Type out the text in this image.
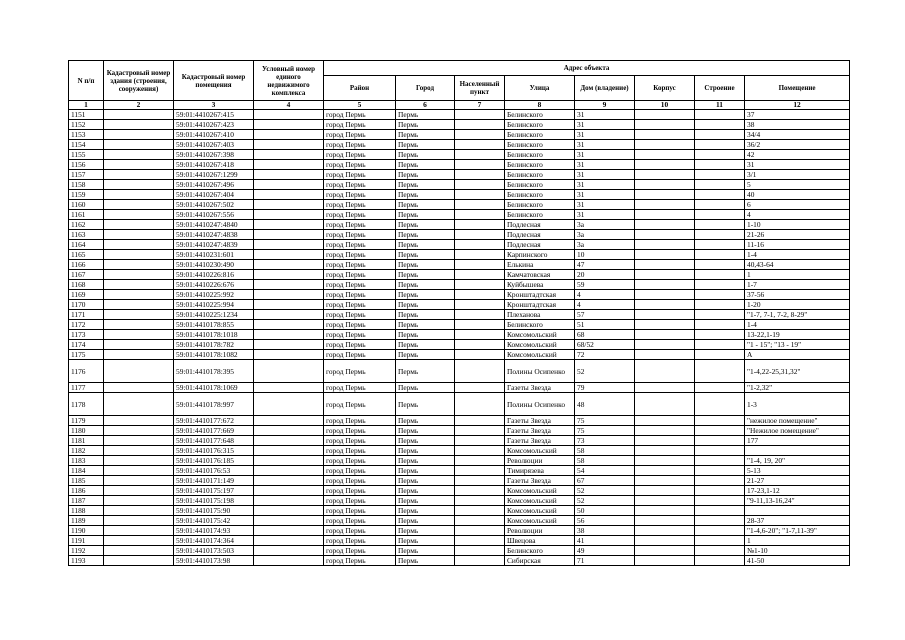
N п/п	Кадастровый номер здания (строения, сооружения)	Кадастровый номер помещения	Условный номер единого недвижимого комплекса	Адрес объекта							
				Район	Город	Населенный пункт	Улица	Дом (владение)	Корпус	Строение	Помещение
1	2	3	4	5	6	7	8	9	10	11	12
1151		59:01:4410267:415		город Пермь	Пермь		Белинского	31			37
1152		59:01:4410267:423		город Пермь	Пермь		Белинского	31			38
1153		59:01:4410267:410		город Пермь	Пермь		Белинского	31			34/4
1154		59:01:4410267:403		город Пермь	Пермь		Белинского	31			36/2
1155		59:01:4410267:398		город Пермь	Пермь		Белинского	31			42
1156		59:01:4410267:418		город Пермь	Пермь		Белинского	31			31
1157		59:01:4410267:1299		город Пермь	Пермь		Белинского	31			3/1
1158		59:01:4410267:496		город Пермь	Пермь		Белинского	31			5
1159		59:01:4410267:404		город Пермь	Пермь		Белинского	31			40
1160		59:01:4410267:502		город Пермь	Пермь		Белинского	31			6
1161		59:01:4410267:556		город Пермь	Пермь		Белинского	31			4
1162		59:01:4410247:4840		город Пермь	Пермь		Подлесная	3а			1-10
1163		59:01:4410247:4838		город Пермь	Пермь		Подлесная	3а			21-26
1164		59:01:4410247:4839		город Пермь	Пермь		Подлесная	3а			11-16
1165		59:01:4410231:601		город Пермь	Пермь		Карпинского	10			1-4
1166		59:01:4410230:490		город Пермь	Пермь		Елькина	47			40,43-64
1167		59:01:4410226:816		город Пермь	Пермь		Камчатовская	20			1
1168		59:01:4410226:676		город Пермь	Пермь		Куйбышева	59			1-7
1169		59:01:4410225:992		город Пермь	Пермь		Кронштадтская	4			37-56
1170		59:01:4410225:994		город Пермь	Пермь		Кронштадтская	4			1-20
1171		59:01:4410225:1234		город Пермь	Пермь		Плеханова	57			"1-7, 7-1, 7-2, 8-29"
1172		59:01:4410178:855		город Пермь	Пермь		Белинского	51			1-4
1173		59:01:4410178:1018		город Пермь	Пермь		Комсомольский	68			13-22,1-19
1174		59:01:4410178:782		город Пермь	Пермь		Комсомольский	68/52			"1 - 15"; "13 - 19"
1175		59:01:4410178:1082		город Пермь	Пермь		Комсомольский	72			А
1176		59:01:4410178:395		город Пермь	Пермь		Полины Осипенко	52			"1-4,22-25,31,32"
1177		59:01:4410178:1069		город Пермь	Пермь		Газеты Звезда	79			"1-2,32"
1178		59:01:4410178:997		город Пермь	Пермь		Полины Осипенко	48			1-3
1179		59:01:4410177:672		город Пермь	Пермь		Газеты Звезда	75			"нежилое помещение"
1180		59:01:4410177:669		город Пермь	Пермь		Газеты Звезда	75			"Нежилое помещение"
1181		59:01:4410177:648		город Пермь	Пермь		Газеты Звезда	73			177
1182		59:01:4410176:315		город Пермь	Пермь		Комсомольский	58			
1183		59:01:4410176:185		город Пермь	Пермь		Революции	58			"1-4, 19, 20"
1184		59:01:4410176:53		город Пермь	Пермь		Тимирязева	54			5-13
1185		59:01:4410171:149		город Пермь	Пермь		Газеты Звезда	67			21-27
1186		59:01:4410175:197		город Пермь	Пермь		Комсомольский	52			17-23,1-12
1187		59:01:4410175:198		город Пермь	Пермь		Комсомольский	52			"9-11,13-16,24"
1188		59:01:4410175:90		город Пермь	Пермь		Комсомольский	50			
1189		59:01:4410175:42		город Пермь	Пермь		Комсомольский	56			28-37
1190		59:01:4410174:93		город Пермь	Пермь		Революции	38			"1-4,6-20"; "1-7,11-39"
1191		59:01:4410174:364		город Пермь	Пермь		Швецова	41			1
1192		59:01:4410173:503		город Пермь	Пермь		Белинского	49			№1-10
1193		59:01:4410173:98		город Пермь	Пермь		Сибирская	71			41-50
